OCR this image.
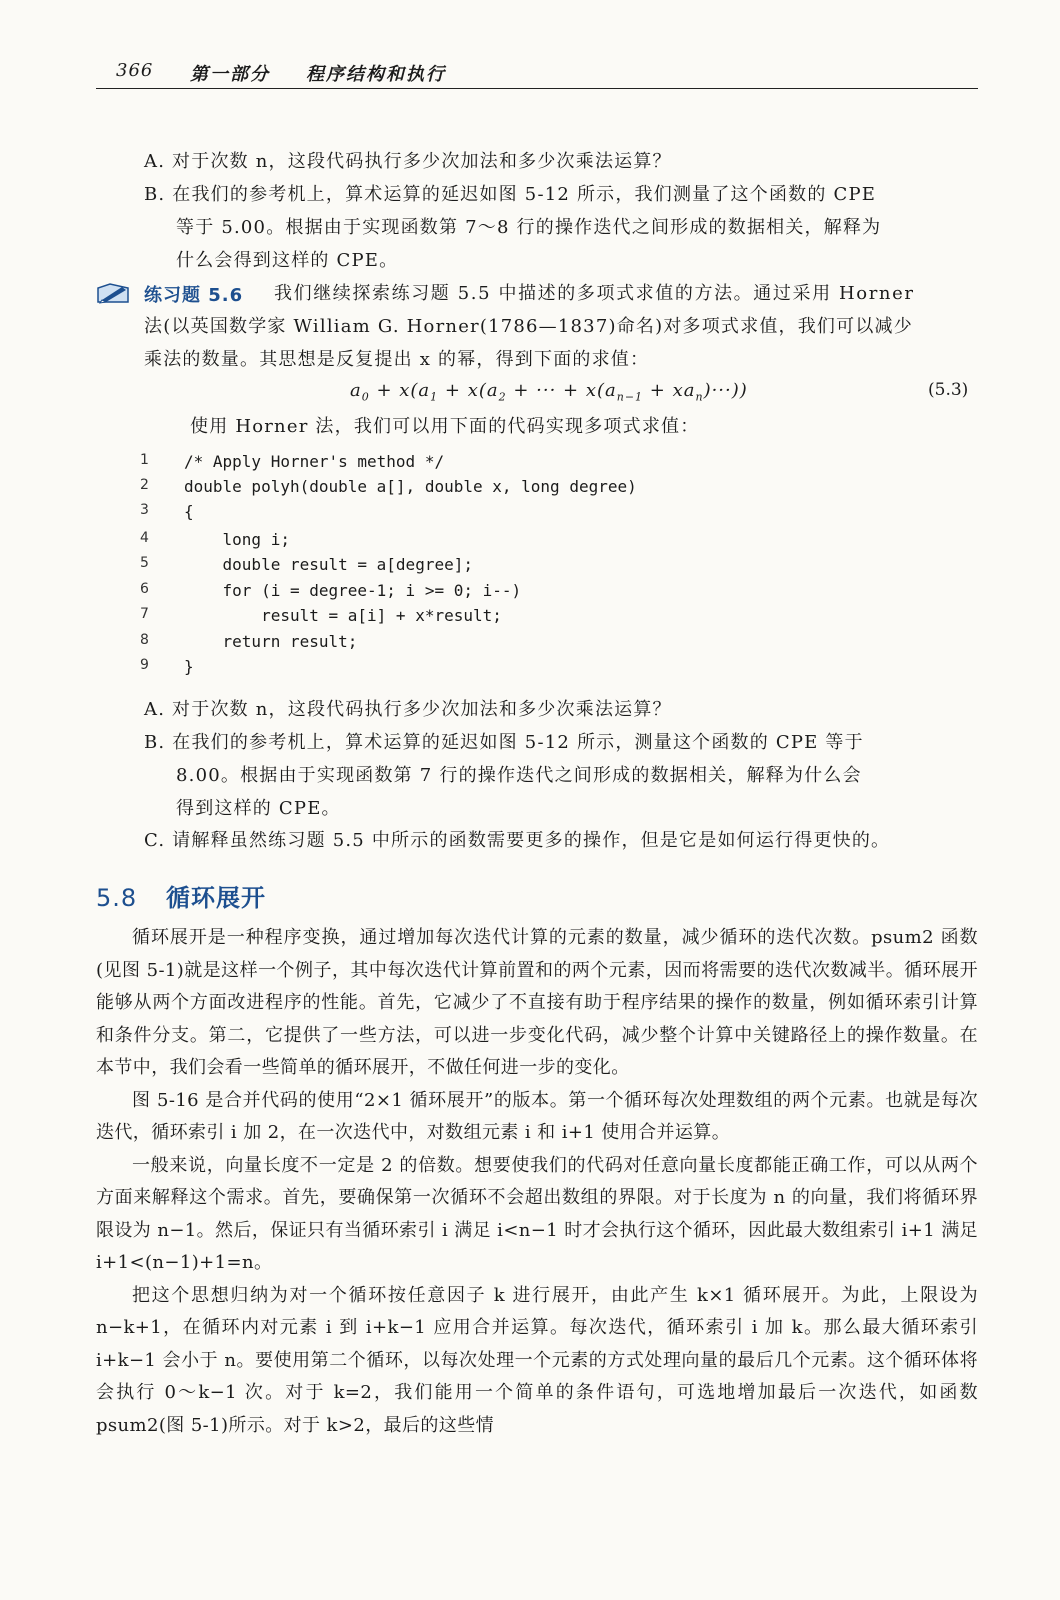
366 第一部分 程序结构和执行
A. 对于次数 n，这段代码执行多少次加法和多少次乘法运算？
B. 在我们的参考机上，算术运算的延迟如图 5-12 所示，我们测量了这个函数的 CPE
等于 5.00。根据由于实现函数第 7～8 行的操作迭代之间形成的数据相关，解释为
什么会得到这样的 CPE。
练习题 5.6 我们继续探索练习题 5.5 中描述的多项式求值的方法。通过采用 Horner
法(以英国数学家 William G. Horner(1786—1837)命名)对多项式求值，我们可以减少
乘法的数量。其思想是反复提出 x 的幂，得到下面的求值：
$a_0 + x(a_1 + x(a_2$ + ··· + $x(a_{n-1} + xa_n)\cdot\cdot\cdot$))	(5.3)
使用 Horner 法，我们可以用下面的代码实现多项式求值：
1	/* Apply Horner's method */
2	double polyh(double a[], double x, long degree)
3	{
4	long i;
5	double result = a[degree];
6	for (i = degree-1; i >= 0; i--)
7	result = a[i] + x*result;
8	return result;
9	}
A. 对于次数 n，这段代码执行多少次加法和多少次乘法运算？
B. 在我们的参考机上，算术运算的延迟如图 5-12 所示，测量这个函数的 CPE 等于
8.00。根据由于实现函数第 7 行的操作迭代之间形成的数据相关，解释为什么会
得到这样的 CPE。
C. 请解释虽然练习题 5.5 中所示的函数需要更多的操作，但是它是如何运行得更快的。
5.8 循环展开

循环展开是一种程序变换，通过增加每次迭代计算的元素的数量，减少循环的迭代次数。psum2 函数(见图 5-1)就是这样一个例子，其中每次迭代计算前置和的两个元素，因而将需要的迭代次数减半。循环展开能够从两个方面改进程序的性能。首先，它减少了不直接有助于程序结果的操作的数量，例如循环索引计算和条件分支。第二，它提供了一些方法，可以进一步变化代码，减少整个计算中关键路径上的操作数量。在本节中，我们会看一些简单的循环展开，不做任何进一步的变化。

图 5-16 是合并代码的使用“2×1 循环展开”的版本。第一个循环每次处理数组的两个元素。也就是每次迭代，循环索引 i 加 2，在一次迭代中，对数组元素 i 和 i+1 使用合并运算。

一般来说，向量长度不一定是 2 的倍数。想要使我们的代码对任意向量长度都能正确工作，可以从两个方面来解释这个需求。首先，要确保第一次循环不会超出数组的界限。对于长度为 n 的向量，我们将循环界限设为 n−1。然后，保证只有当循环索引 i 满足 i<n−1 时才会执行这个循环，因此最大数组索引 i+1 满足 i+1<(n−1)+1=n。

把这个思想归纳为对一个循环按任意因子 k 进行展开，由此产生 k×1 循环展开。为此，上限设为 n−k+1，在循环内对元素 i 到 i+k−1 应用合并运算。每次迭代，循环索引 i 加 k。那么最大循环索引 i+k−1 会小于 n。要使用第二个循环，以每次处理一个元素的方式处理向量的最后几个元素。这个循环体将会执行 0～k−1 次。对于 k=2，我们能用一个简单的条件语句，可选地增加最后一次迭代，如函数 psum2(图 5-1)所示。对于 k>2，最后的这些情
